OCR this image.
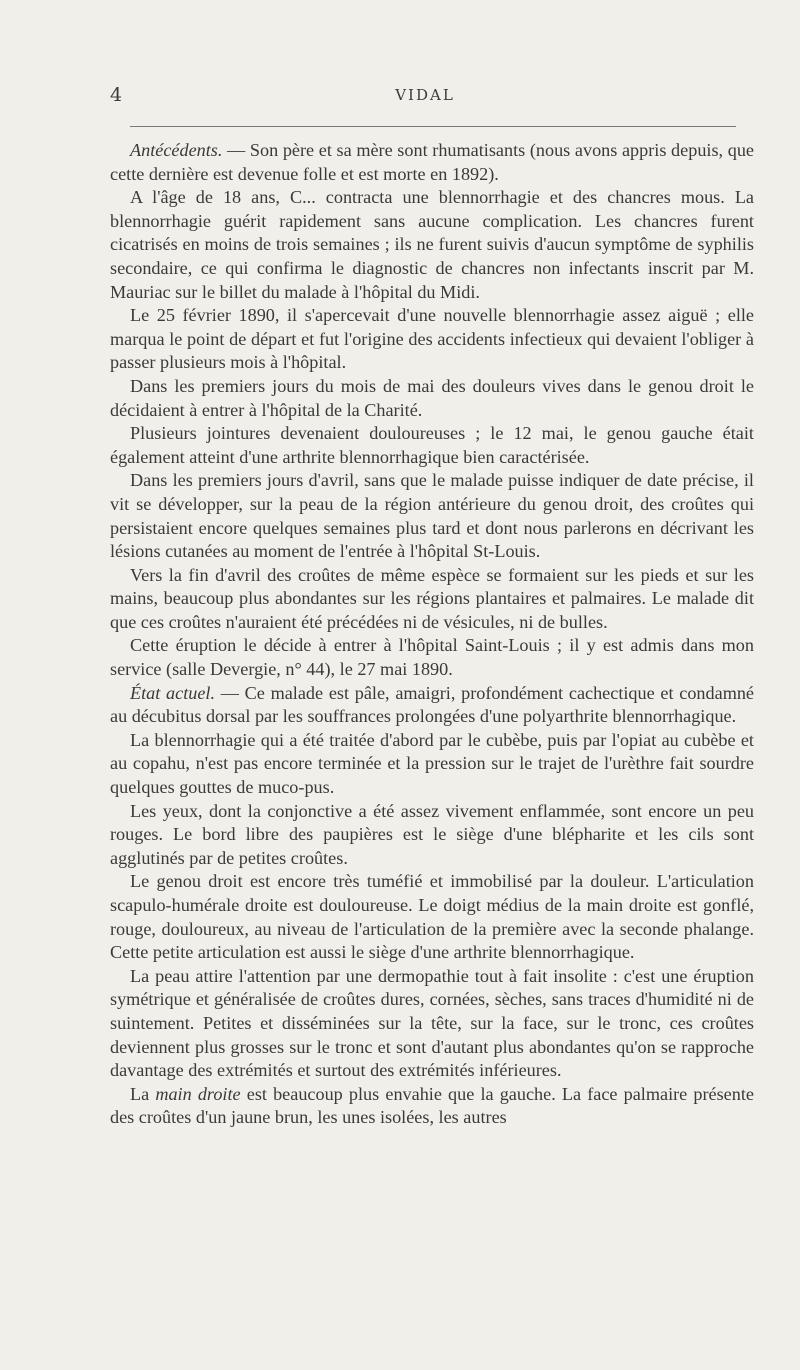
4	VIDAL

Antécédents. — Son père et sa mère sont rhumatisants (nous avons appris depuis, que cette dernière est devenue folle et est morte en 1892).

A l'âge de 18 ans, C... contracta une blennorrhagie et des chancres mous. La blennorrhagie guérit rapidement sans aucune complication. Les chancres furent cicatrisés en moins de trois semaines ; ils ne furent suivis d'aucun symptôme de syphilis secondaire, ce qui confirma le diagnostic de chancres non infectants inscrit par M. Mauriac sur le billet du malade à l'hôpital du Midi.

Le 25 février 1890, il s'apercevait d'une nouvelle blennorrhagie assez aiguë ; elle marqua le point de départ et fut l'origine des accidents infectieux qui devaient l'obliger à passer plusieurs mois à l'hôpital.

Dans les premiers jours du mois de mai des douleurs vives dans le genou droit le décidaient à entrer à l'hôpital de la Charité.

Plusieurs jointures devenaient douloureuses ; le 12 mai, le genou gauche était également atteint d'une arthrite blennorrhagique bien caractérisée.

Dans les premiers jours d'avril, sans que le malade puisse indiquer de date précise, il vit se développer, sur la peau de la région antérieure du genou droit, des croûtes qui persistaient encore quelques semaines plus tard et dont nous parlerons en décrivant les lésions cutanées au moment de l'entrée à l'hôpital St-Louis.

Vers la fin d'avril des croûtes de même espèce se formaient sur les pieds et sur les mains, beaucoup plus abondantes sur les régions plantaires et palmaires. Le malade dit que ces croûtes n'auraient été précédées ni de vésicules, ni de bulles.

Cette éruption le décide à entrer à l'hôpital Saint-Louis ; il y est admis dans mon service (salle Devergie, n° 44), le 27 mai 1890.

État actuel. — Ce malade est pâle, amaigri, profondément cachectique et condamné au décubitus dorsal par les souffrances prolongées d'une polyarthrite blennorrhagique.

La blennorrhagie qui a été traitée d'abord par le cubèbe, puis par l'opiat au cubèbe et au copahu, n'est pas encore terminée et la pression sur le trajet de l'urèthre fait sourdre quelques gouttes de muco-pus.

Les yeux, dont la conjonctive a été assez vivement enflammée, sont encore un peu rouges. Le bord libre des paupières est le siège d'une blépharite et les cils sont agglutinés par de petites croûtes.

Le genou droit est encore très tuméfié et immobilisé par la douleur. L'articulation scapulo-humérale droite est douloureuse. Le doigt médius de la main droite est gonflé, rouge, douloureux, au niveau de l'articulation de la première avec la seconde phalange. Cette petite articulation est aussi le siège d'une arthrite blennorrhagique.

La peau attire l'attention par une dermopathie tout à fait insolite : c'est une éruption symétrique et généralisée de croûtes dures, cornées, sèches, sans traces d'humidité ni de suintement. Petites et disséminées sur la tête, sur la face, sur le tronc, ces croûtes deviennent plus grosses sur le tronc et sont d'autant plus abondantes qu'on se rapproche davantage des extrémités et surtout des extrémités inférieures.

La main droite est beaucoup plus envahie que la gauche. La face palmaire présente des croûtes d'un jaune brun, les unes isolées, les autres
